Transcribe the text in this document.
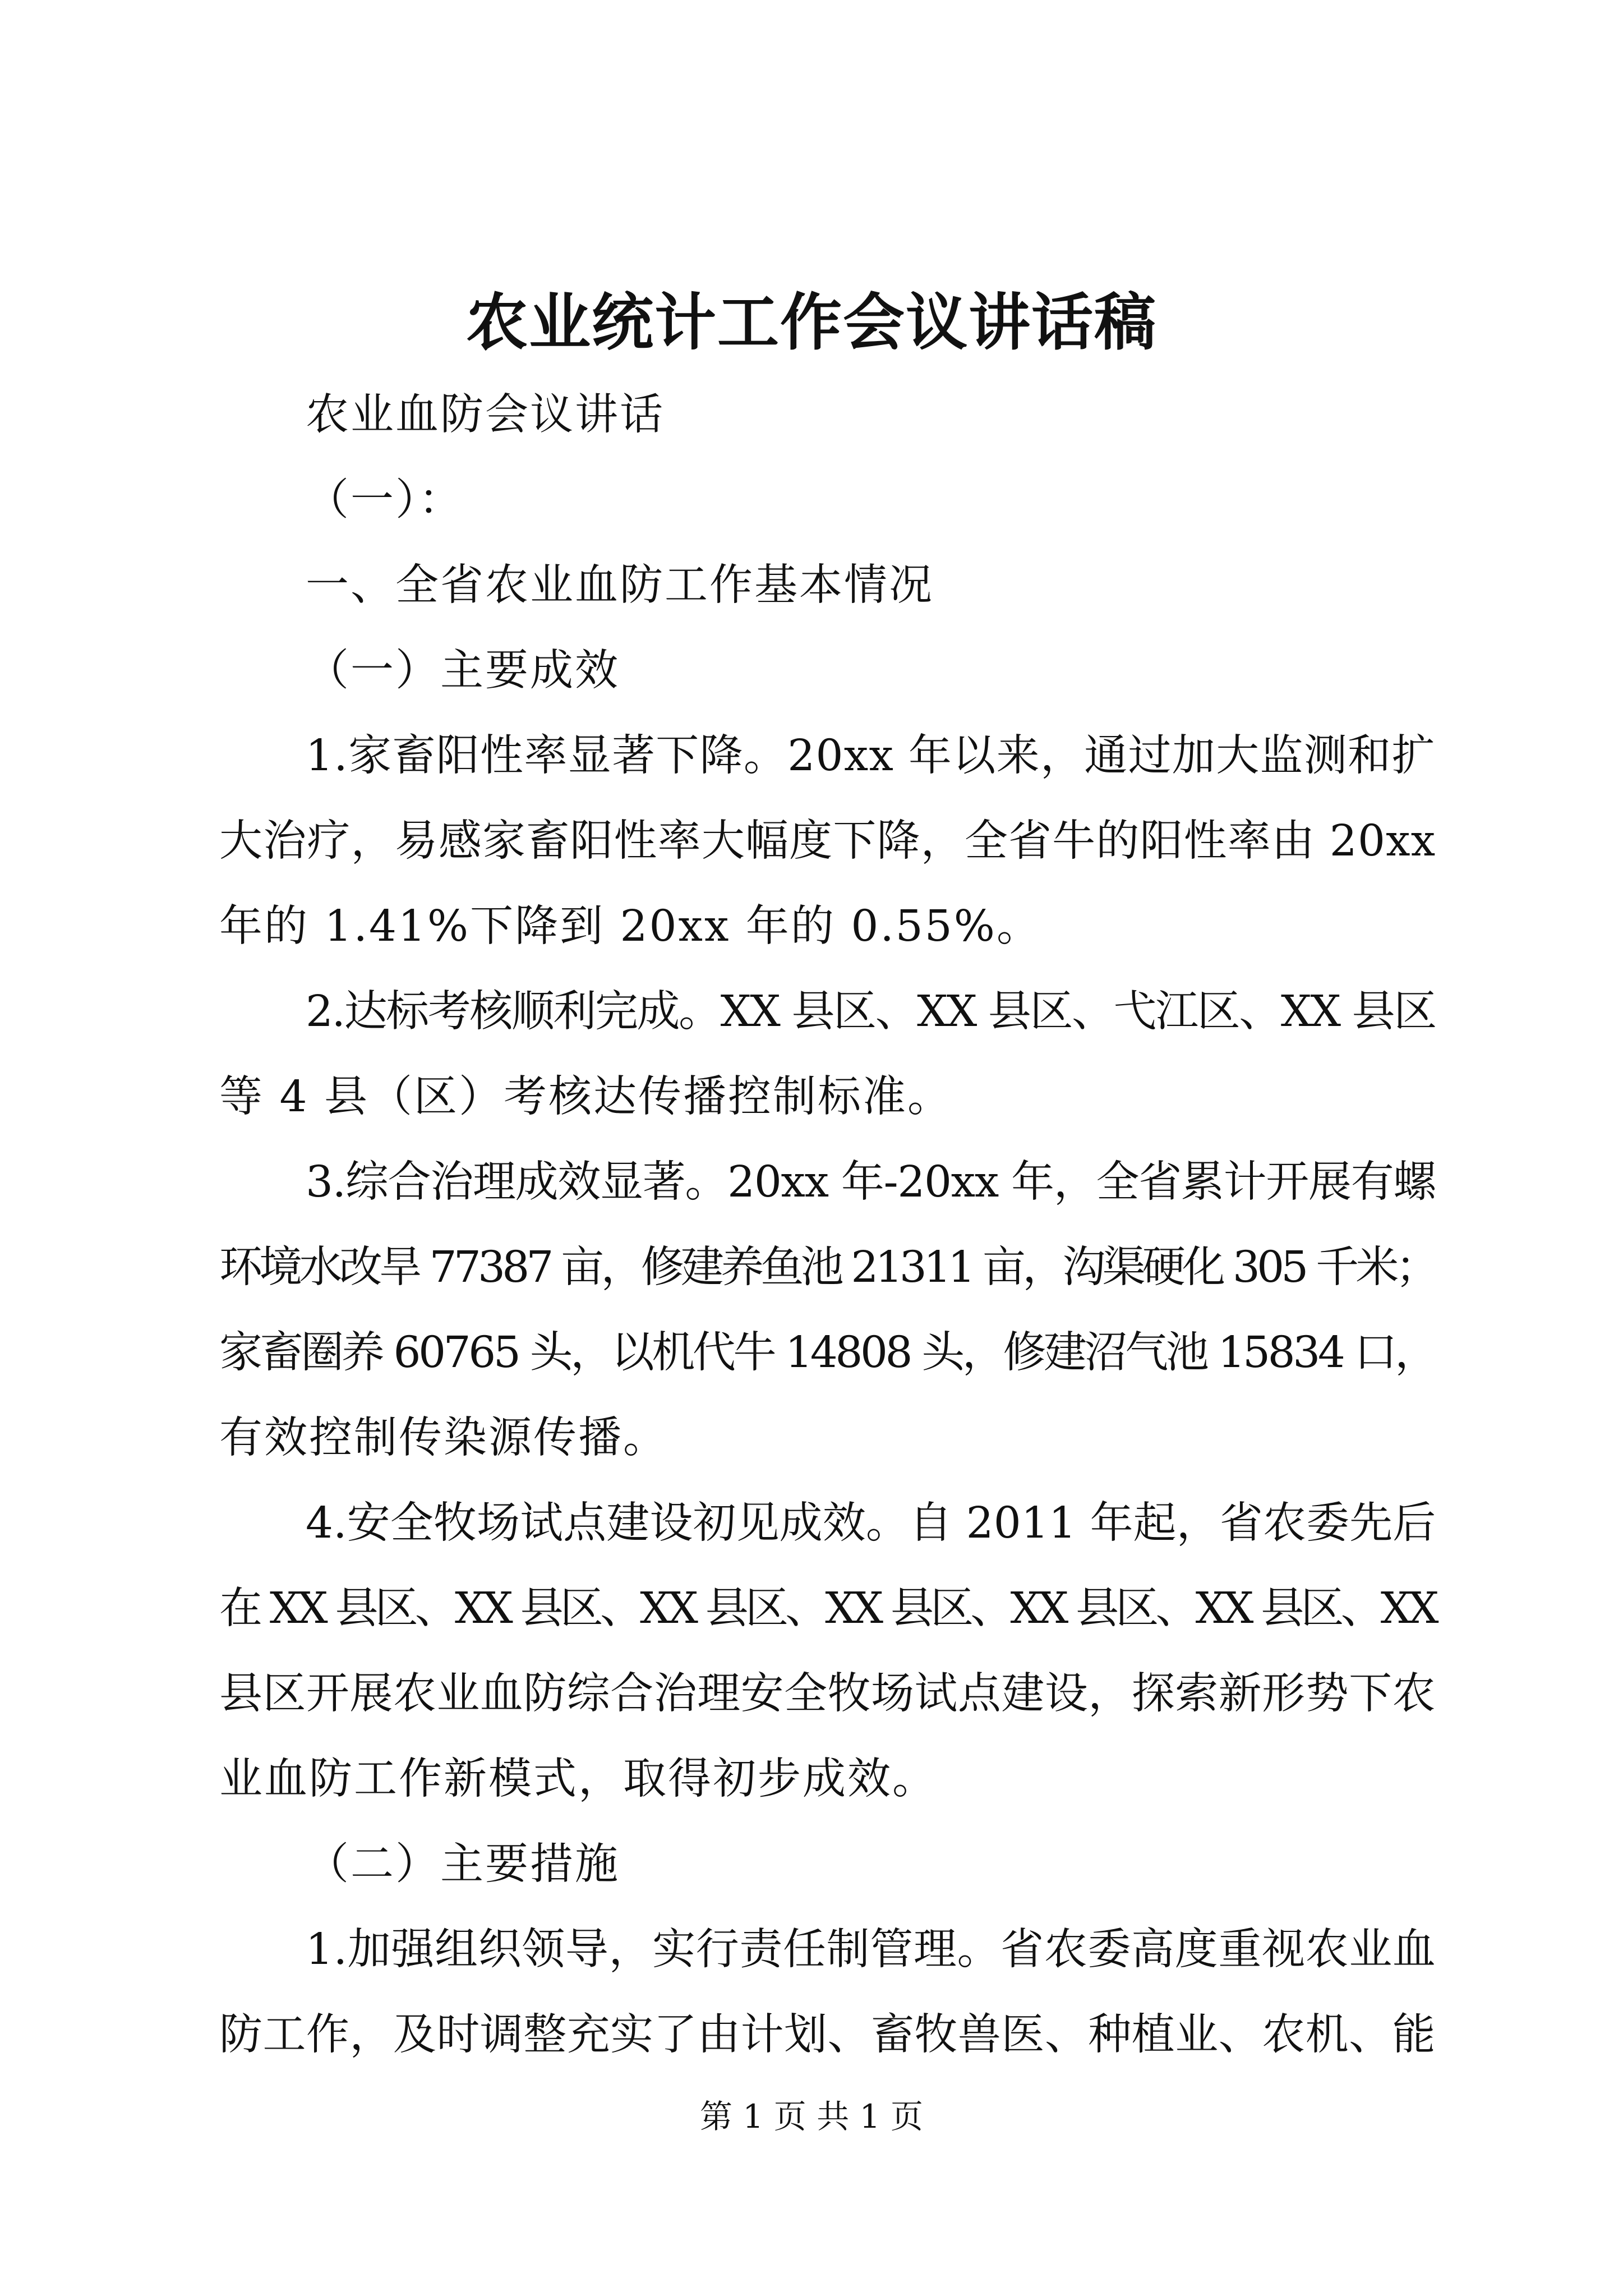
农业统计工作会议讲话稿

农业血防会议讲话

（一）：

一、全省农业血防工作基本情况

（一）主要成效

1.家畜阳性率显著下降。20xx 年以来，通过加大监测和扩

大治疗，易感家畜阳性率大幅度下降，全省牛的阳性率由 20xx

年的 1.41%下降到 20xx 年的 0.55%。

2.达标考核顺利完成。XX 县区、XX 县区、弋江区、XX 县区

等 4 县（区）考核达传播控制标准。

3.综合治理成效显著。20xx 年-20xx 年，全省累计开展有螺

环境水改旱 77387 亩，修建养鱼池 21311 亩，沟渠硬化 305 千米；

家畜圈养 60765 头，以机代牛 14808 头，修建沼气池 15834 口，

有效控制传染源传播。

4.安全牧场试点建设初见成效。自 2011 年起，省农委先后

在 XX 县区、XX 县区、XX 县区、XX 县区、XX 县区、XX 县区、XX

县区开展农业血防综合治理安全牧场试点建设，探索新形势下农

业血防工作新模式，取得初步成效。

（二）主要措施

1.加强组织领导，实行责任制管理。省农委高度重视农业血

防工作，及时调整充实了由计划、畜牧兽医、种植业、农机、能

第 1 页 共 1 页
